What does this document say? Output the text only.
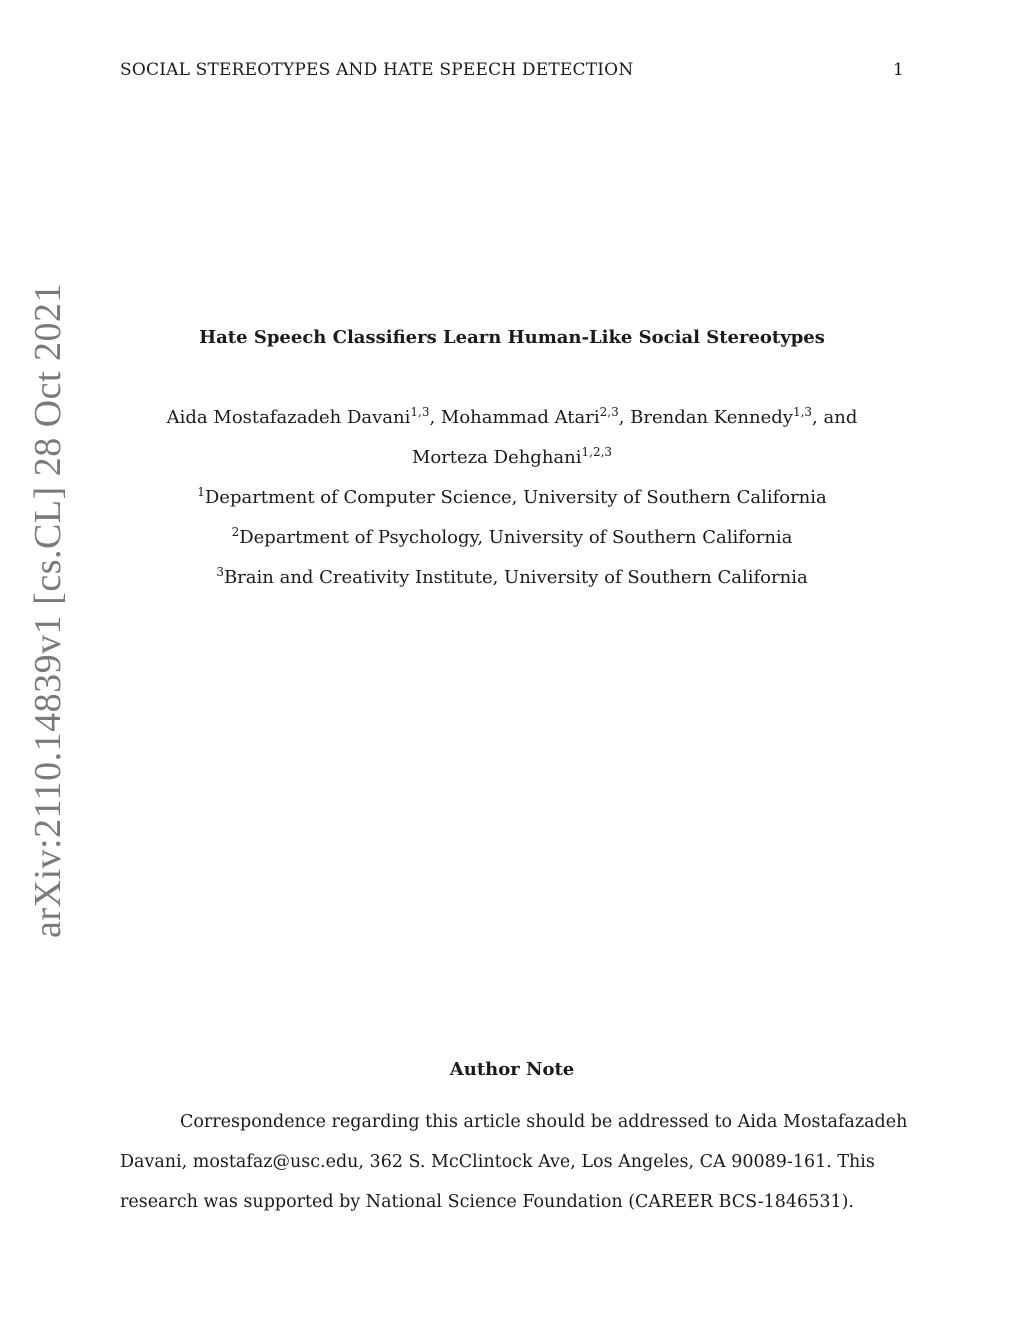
SOCIAL STEREOTYPES AND HATE SPEECH DETECTION	1
arXiv:2110.14839v1 [cs.CL] 28 Oct 2021	Hate Speech Classifiers Learn Human-Like Social Stereotypes
Aida Mostafazadeh Davani$^{1,3}$, Mohammad Atari$^{2,3}$, Brendan Kennedy$^{1,3}$, and
Morteza Dehghani$^{1,2,3}$
$^1$Department of Computer Science, University of Southern California
$^2$Department of Psychology, University of Southern California
$^3$Brain and Creativity Institute, University of Southern California
Author Note
Correspondence regarding this article should be addressed to Aida Mostafazadeh
Davani, mostafaz@usc.edu, 362 S. McClintock Ave, Los Angeles, CA 90089-161. This
research was supported by National Science Foundation (CAREER BCS-1846531).
